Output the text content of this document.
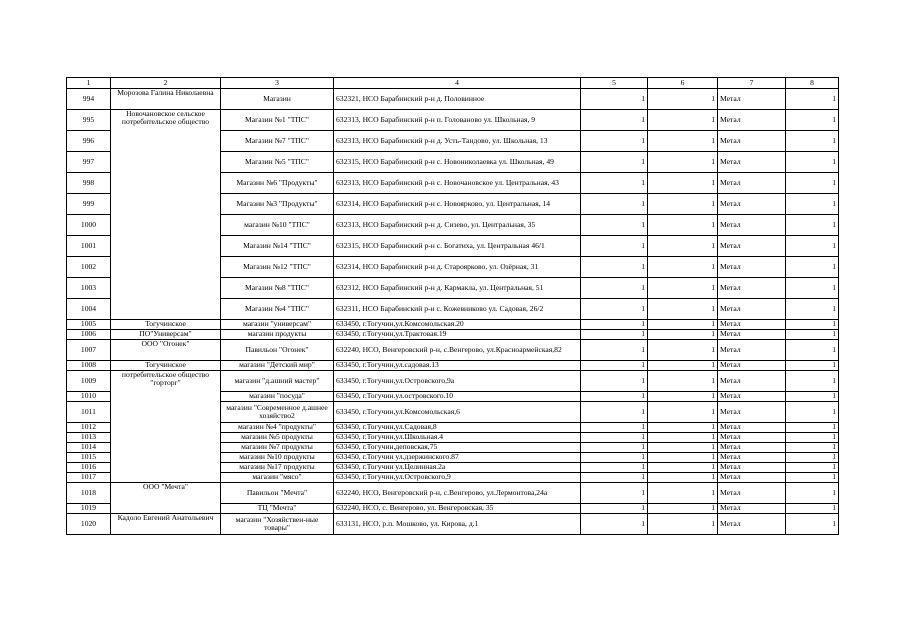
1	2	3	4	5	6	7	8
994	Морозова Галина Николаевна	Магазин	632321, НСО Барабинский р-н д. Половинное	1	1	Метал	1
995	Новочановское сельское потребительское общество	Магазин №1 "ТПС"	632313, НСО Барабинский р-н п. Голованово ул. Школьная, 9	1	1	Метал	1
996		Магазин №7 "ТПС"	632313, НСО Барабинский р-н д. Усть-Тандово, ул. Школьная, 13	1	1	Метал	1
997		Магазин №5 "ТПС"	632315, НСО Барабинский р-н с. Новониколаевка ул. Школьная, 49	1	1	Метал	1
998		Магазин №6 "Продукты"	632313, НСО Барабинский р-н с. Новочановское ул. Центральная, 43	1	1	Метал	1
999		Магазин №3 "Продукты"	632314, НСО Барабинский р-н с. Новоярково, ул. Центральная, 14	1	1	Метал	1
1000		магазин №10 "ТПС"	632313, НСО Барабинский р-н д. Сизево, ул. Центральная, 35	1	1	Метал	1
1001		Магазин №14 "ТПС"	632315, НСО Барабинский р-н с. Богатиха, ул. Центральная 46/1	1	1	Метал	1
1002		Магазин №12 "ТПС"	632314, НСО Барабинский р-н д. Староярково, ул. Озёрная, 31	1	1	Метал	1
1003		Магазин №8 "ТПС"	632312, НСО Барабинский р-н д. Кармакла, ул. Центральная, 51	1	1	Метал	1
1004		Магазин №4 "ТПС"	632311, НСО Барабинский р-н с. Кожевниково ул. Садовая, 26/2	1	1	Метал	1
1005	Тогучинское	магазин "универсам"	633450, г.Тогучин,ул.Комсомольская.20	1	1	Метал	1
1006	ПО"Универсам"	магазин продукты	633450, г.Тогучин,ул.Трактовая.19	1	1	Метал	1
1007	ООО "Огонек"	Павильон "Огонек"	632240, НСО, Венгеровский р-н, с.Венгерово, ул.Красноармейская,82	1	1	Метал	1
1008	Тогучинское	магазин "Детский мир"	633450, г.Тогучин,ул.садовая.13	1	1	Метал	1
1009	потребительское общество "горторг"	магазин "д.ашний мастер"	633450, г.Тогучин,ул.Островского,9а	1	1	Метал	1
1010		магазин "посуда"	633450, г.Тогучин.ул.островского.10	1	1	Метал	1
1011		магазин "Современное д.ашнее хозяйство2	633450, г.Тогучин,ул.Комсомольская,6	1	1	Метал	1
1012		магазин №4 "продукты"	633450, г.Тогучин,ул.Садовая,8	1	1	Метал	1
1013		магазин №5 продукты	633450, г.Тогучин,ул.Школьная.4	1	1	Метал	1
1014		магазин №7 продукты	633450, г.Тогучин,деповская,75	1	1	Метал	1
1015		магазин №10 продукты	633450, г.Тогучин ул.дзержинского.87	1	1	Метал	1
1016		магазин №17 продукты	633450, г.Тогучин ул.Целинная.2а	1	1	Метал	1
1017		магазин "мясо"	633450, г.Тогучин,ул.Островского,9	1	1	Метал	1
1018	ООО "Мечта"	Павильон "Мечта"	632240, НСО, Венгеровский р-н, с.Венгерово, ул.Лермонтова,24а	1	1	Метал	1
1019		ТЦ "Мечта"	632240, НСО, с. Венгерово, ул. Венгеровская, 35	1	1	Метал	1
1020	Кадоло Евгений Анатольевич	магазин "Хозяйствен-ные товары"	633131, НСО, р.п. Мошково, ул. Кирова, д.1	1	1	Метал	1
